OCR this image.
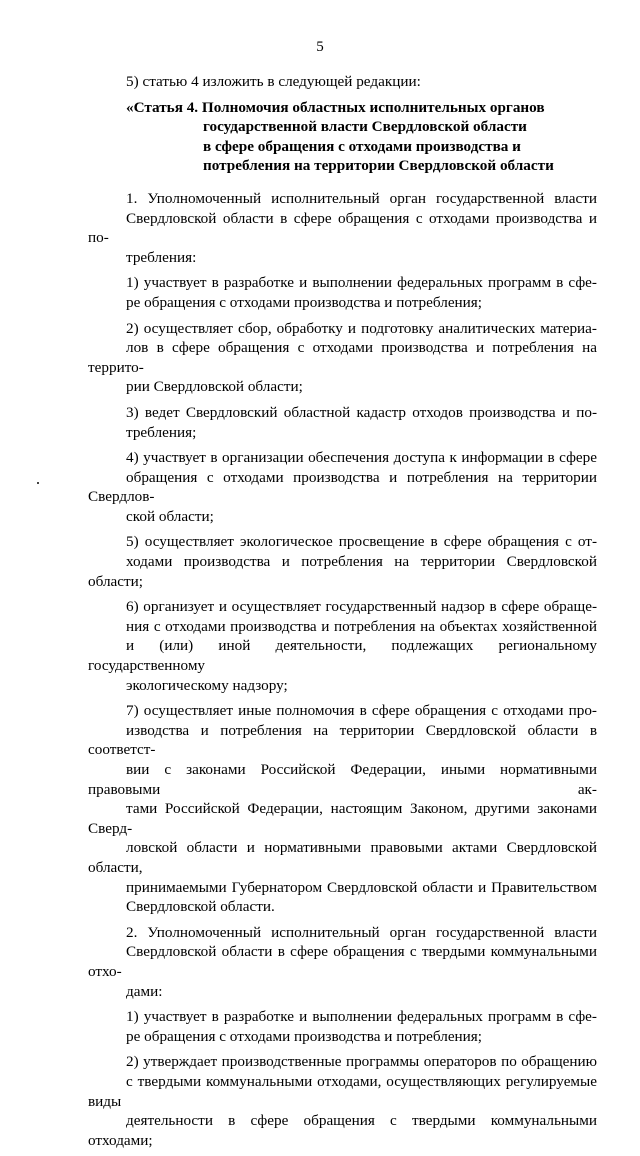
5

5) статью 4 изложить в следующей редакции:

«Статья 4. Полномочия областных исполнительных органов
государственной власти Свердловской области
в сфере обращения с отходами производства и
потребления на территории Свердловской области

1. Уполномоченный исполнительный орган государственной власти
Свердловской области в сфере обращения с отходами производства и по-
требления:

1) участвует в разработке и выполнении федеральных программ в сфе-
ре обращения с отходами производства и потребления;

2) осуществляет сбор, обработку и подготовку аналитических материа-
лов в сфере обращения с отходами производства и потребления на террито-
рии Свердловской области;

3) ведет Свердловский областной кадастр отходов производства и по-
требления;

4) участвует в организации обеспечения доступа к информации в сфере
обращения с отходами производства и потребления на территории Свердлов-
ской области;

5) осуществляет экологическое просвещение в сфере обращения с от-
ходами производства и потребления на территории Свердловской области;

6) организует и осуществляет государственный надзор в сфере обраще-
ния с отходами производства и потребления на объектах хозяйственной
и (или) иной деятельности, подлежащих региональному государственному
экологическому надзору;

7) осуществляет иные полномочия в сфере обращения с отходами про-
изводства и потребления на территории Свердловской области в соответст-
вии с законами Российской Федерации, иными нормативными правовыми ак-
тами Российской Федерации, настоящим Законом, другими законами Сверд-
ловской области и нормативными правовыми актами Свердловской области,
принимаемыми Губернатором Свердловской области и Правительством
Свердловской области.

2. Уполномоченный исполнительный орган государственной власти
Свердловской области в сфере обращения с твердыми коммунальными отхо-
дами:

1) участвует в разработке и выполнении федеральных программ в сфе-
ре обращения с отходами производства и потребления;

2) утверждает производственные программы операторов по обращению
с твердыми коммунальными отходами, осуществляющих регулируемые виды
деятельности в сфере обращения с твердыми коммунальными отходами;
